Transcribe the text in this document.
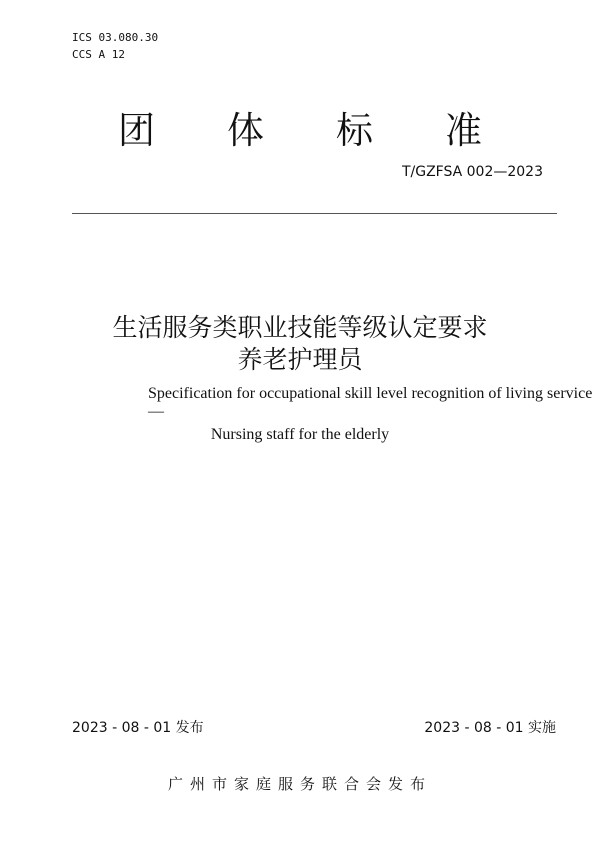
ICS 03.080.30
CCS A 12
团 体 标 准
T/GZFSA 002—2023
生活服务类职业技能等级认定要求
养老护理员
Specification for occupational skill level recognition of living service—
Nursing staff for the elderly
2023 - 08 - 01 发布	2023 - 08 - 01 实施
广州市家庭服务联合会发布
